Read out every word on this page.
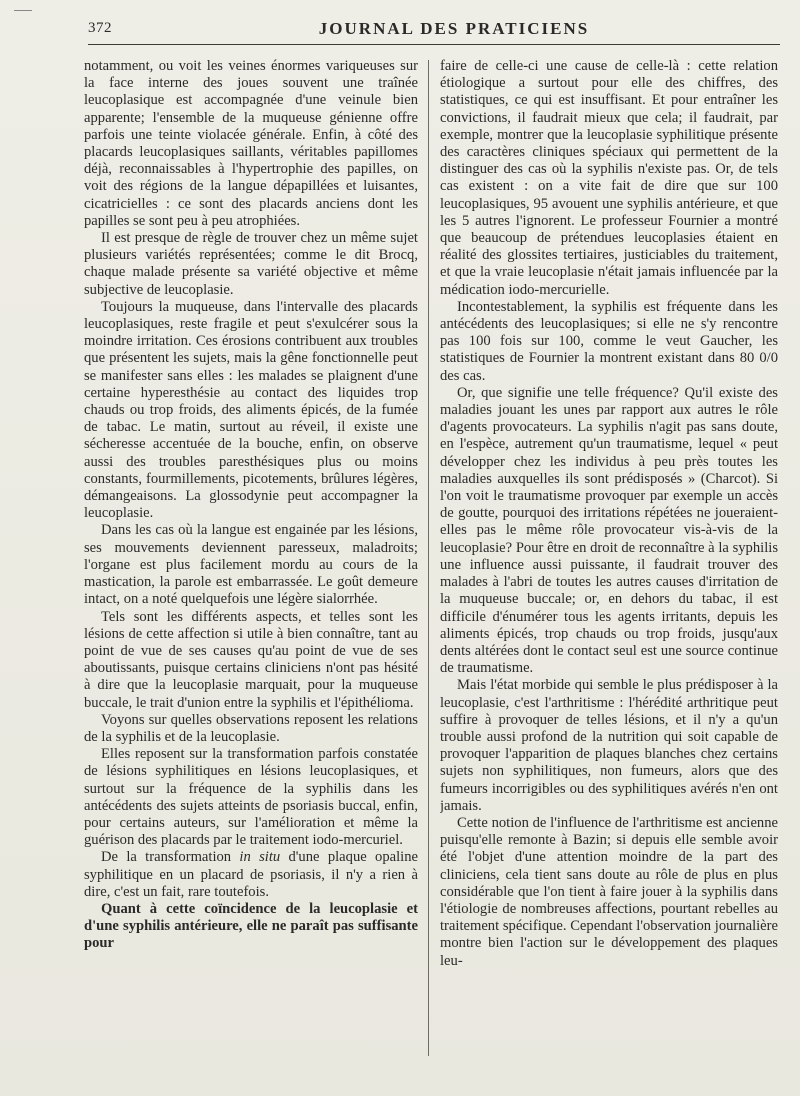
372	JOURNAL DES PRATICIENS

notamment, ou voit les veines énormes variqueuses sur la face interne des joues souvent une traînée leucoplasique est accompagnée d'une veinule bien apparente; l'ensemble de la muqueuse génienne offre parfois une teinte violacée générale. Enfin, à côté des placards leucoplasiques saillants, véritables papillomes déjà, reconnaissables à l'hypertrophie des papilles, on voit des régions de la langue dépapillées et luisantes, cicatricielles : ce sont des placards anciens dont les papilles se sont peu à peu atrophiées.

Il est presque de règle de trouver chez un même sujet plusieurs variétés représentées; comme le dit Brocq, chaque malade présente sa variété objective et même subjective de leucoplasie.

Toujours la muqueuse, dans l'intervalle des placards leucoplasiques, reste fragile et peut s'exulcérer sous la moindre irritation. Ces érosions contribuent aux troubles que présentent les sujets, mais la gêne fonctionnelle peut se manifester sans elles : les malades se plaignent d'une certaine hyperesthésie au contact des liquides trop chauds ou trop froids, des aliments épicés, de la fumée de tabac. Le matin, surtout au réveil, il existe une sécheresse accentuée de la bouche, enfin, on observe aussi des troubles paresthésiques plus ou moins constants, fourmillements, picotements, brûlures légères, démangeaisons. La glossodynie peut accompagner la leucoplasie.

Dans les cas où la langue est engainée par les lésions, ses mouvements deviennent paresseux, maladroits; l'organe est plus facilement mordu au cours de la mastication, la parole est embarrassée. Le goût demeure intact, on a noté quelquefois une légère sialorrhée.

Tels sont les différents aspects, et telles sont les lésions de cette affection si utile à bien connaître, tant au point de vue de ses causes qu'au point de vue de ses aboutissants, puisque certains cliniciens n'ont pas hésité à dire que la leucoplasie marquait, pour la muqueuse buccale, le trait d'union entre la syphilis et l'épithélioma.

Voyons sur quelles observations reposent les relations de la syphilis et de la leucoplasie.

Elles reposent sur la transformation parfois constatée de lésions syphilitiques en lésions leucoplasiques, et surtout sur la fréquence de la syphilis dans les antécédents des sujets atteints de psoriasis buccal, enfin, pour certains auteurs, sur l'amélioration et même la guérison des placards par le traitement iodo-mercuriel.

De la transformation in situ d'une plaque opaline syphilitique en un placard de psoriasis, il n'y a rien à dire, c'est un fait, rare toutefois.

Quant à cette coïncidence de la leucoplasie et d'une syphilis antérieure, elle ne paraît pas suffisante pour

faire de celle-ci une cause de celle-là : cette relation étiologique a surtout pour elle des chiffres, des statistiques, ce qui est insuffisant. Et pour entraîner les convictions, il faudrait mieux que cela; il faudrait, par exemple, montrer que la leucoplasie syphilitique présente des caractères cliniques spéciaux qui permettent de la distinguer des cas où la syphilis n'existe pas. Or, de tels cas existent : on a vite fait de dire que sur 100 leucoplasiques, 95 avouent une syphilis antérieure, et que les 5 autres l'ignorent. Le professeur Fournier a montré que beaucoup de prétendues leucoplasies étaient en réalité des glossites tertiaires, justiciables du traitement, et que la vraie leucoplasie n'était jamais influencée par la médication iodo-mercurielle.

Incontestablement, la syphilis est fréquente dans les antécédents des leucoplasiques; si elle ne s'y rencontre pas 100 fois sur 100, comme le veut Gaucher, les statistiques de Fournier la montrent existant dans 80 0/0 des cas.

Or, que signifie une telle fréquence? Qu'il existe des maladies jouant les unes par rapport aux autres le rôle d'agents provocateurs. La syphilis n'agit pas sans doute, en l'espèce, autrement qu'un traumatisme, lequel « peut développer chez les individus à peu près toutes les maladies auxquelles ils sont prédisposés » (Charcot). Si l'on voit le traumatisme provoquer par exemple un accès de goutte, pourquoi des irritations répétées ne joueraient-elles pas le même rôle provocateur vis-à-vis de la leucoplasie? Pour être en droit de reconnaître à la syphilis une influence aussi puissante, il faudrait trouver des malades à l'abri de toutes les autres causes d'irritation de la muqueuse buccale; or, en dehors du tabac, il est difficile d'énumérer tous les agents irritants, depuis les aliments épicés, trop chauds ou trop froids, jusqu'aux dents altérées dont le contact seul est une source continue de traumatisme.

Mais l'état morbide qui semble le plus prédisposer à la leucoplasie, c'est l'arthritisme : l'hérédité arthritique peut suffire à provoquer de telles lésions, et il n'y a qu'un trouble aussi profond de la nutrition qui soit capable de provoquer l'apparition de plaques blanches chez certains sujets non syphilitiques, non fumeurs, alors que des fumeurs incorrigibles ou des syphilitiques avérés n'en ont jamais.

Cette notion de l'influence de l'arthritisme est ancienne puisqu'elle remonte à Bazin; si depuis elle semble avoir été l'objet d'une attention moindre de la part des cliniciens, cela tient sans doute au rôle de plus en plus considérable que l'on tient à faire jouer à la syphilis dans l'étiologie de nombreuses affections, pourtant rebelles au traitement spécifique. Cependant l'observation journalière montre bien l'action sur le développement des plaques leu-
